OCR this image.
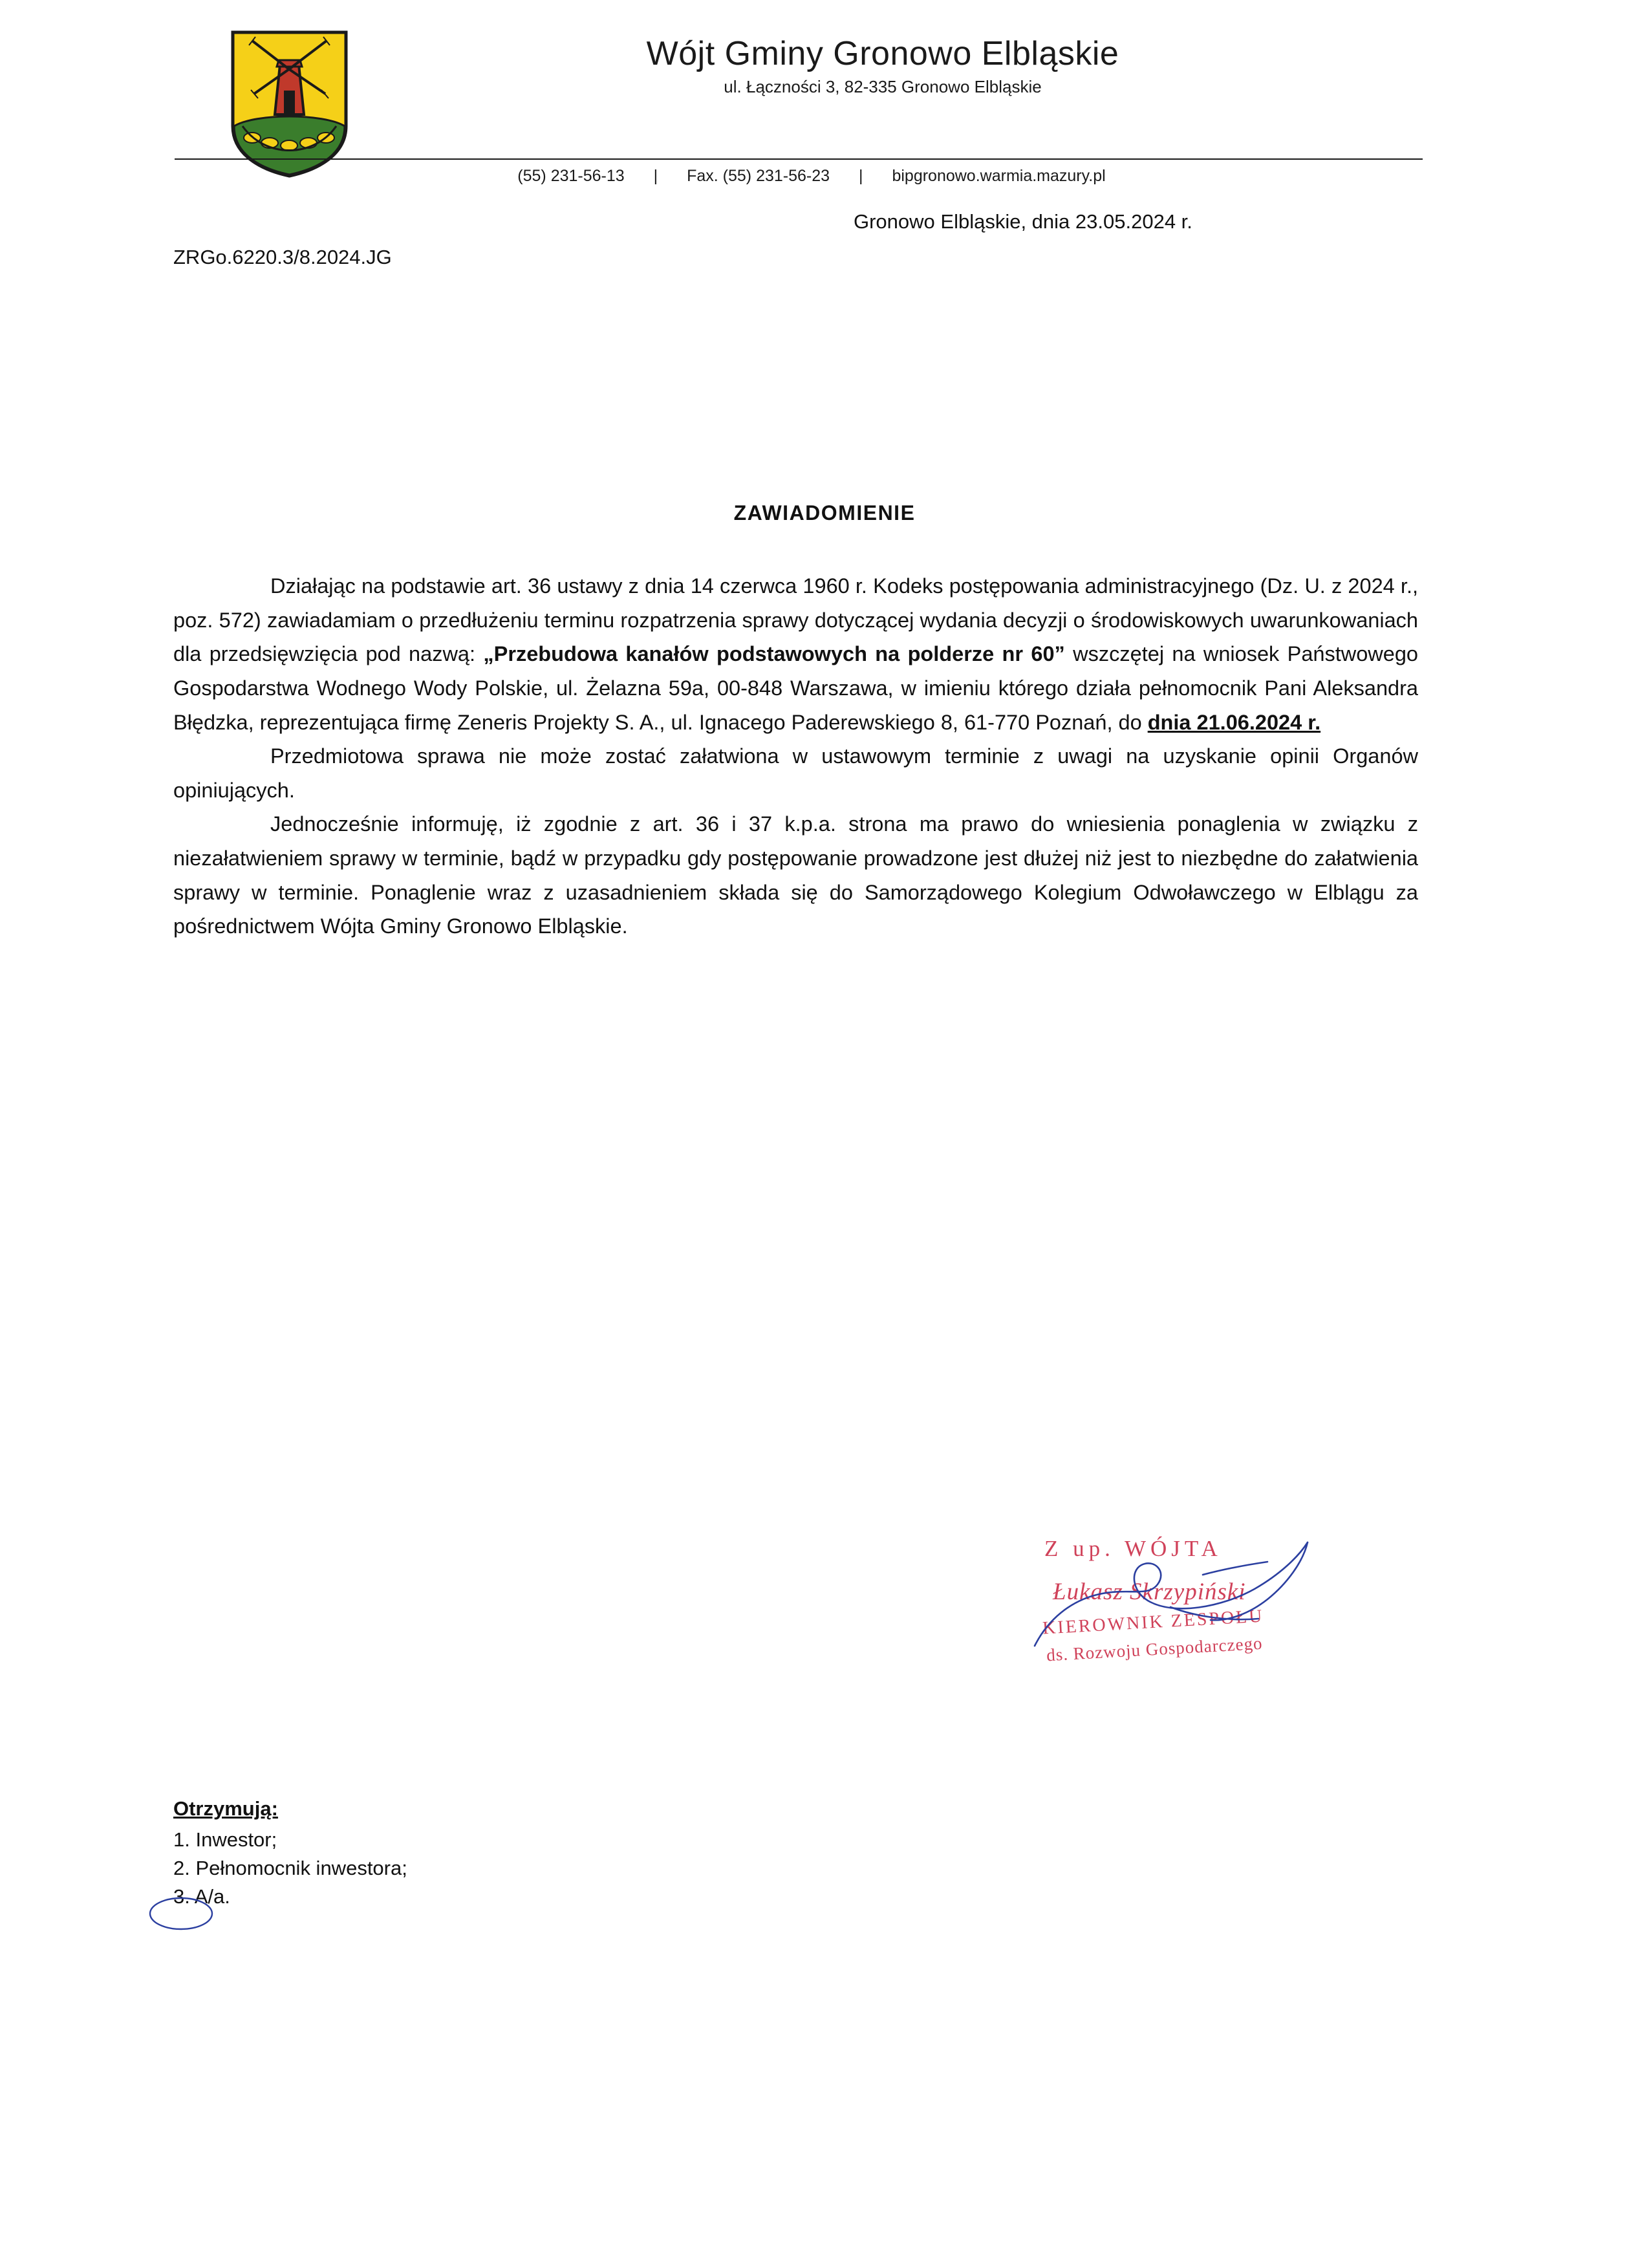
Wójt Gminy Gronowo Elbląskie
ul. Łączności 3, 82-335 Gronowo Elbląskie
(55) 231-56-13 | Fax. (55) 231-56-23 | bipgronowo.warmia.mazury.pl
Gronowo Elbląskie, dnia 23.05.2024 r.
ZRGo.6220.3/8.2024.JG
ZAWIADOMIENIE

Działając na podstawie art. 36 ustawy z dnia 14 czerwca 1960 r. Kodeks postępowania administracyjnego (Dz. U. z 2024 r., poz. 572) zawiadamiam o przedłużeniu terminu rozpatrzenia sprawy dotyczącej wydania decyzji o środowiskowych uwarunkowaniach dla przedsięwzięcia pod nazwą: „Przebudowa kanałów podstawowych na polderze nr 60” wszczętej na wniosek Państwowego Gospodarstwa Wodnego Wody Polskie, ul. Żelazna 59a, 00-848 Warszawa, w imieniu którego działa pełnomocnik Pani Aleksandra Błędzka, reprezentująca firmę Zeneris Projekty S. A., ul. Ignacego Paderewskiego 8, 61-770 Poznań, do dnia 21.06.2024 r.

Przedmiotowa sprawa nie może zostać załatwiona w ustawowym terminie z uwagi na uzyskanie opinii Organów opiniujących.

Jednocześnie informuję, iż zgodnie z art. 36 i 37 k.p.a. strona ma prawo do wniesienia ponaglenia w związku z niezałatwieniem sprawy w terminie, bądź w przypadku gdy postępowanie prowadzone jest dłużej niż jest to niezbędne do załatwienia sprawy w terminie. Ponaglenie wraz z uzasadnieniem składa się do Samorządowego Kolegium Odwoławczego w Elblągu za pośrednictwem Wójta Gminy Gronowo Elbląskie.

Z up. WÓJTA
Łukasz Skrzypiński
KIEROWNIK ZESPOŁU
ds. Rozwoju Gospodarczego
Otrzymują:
1. Inwestor;
2. Pełnomocnik inwestora;
3. A/a.
